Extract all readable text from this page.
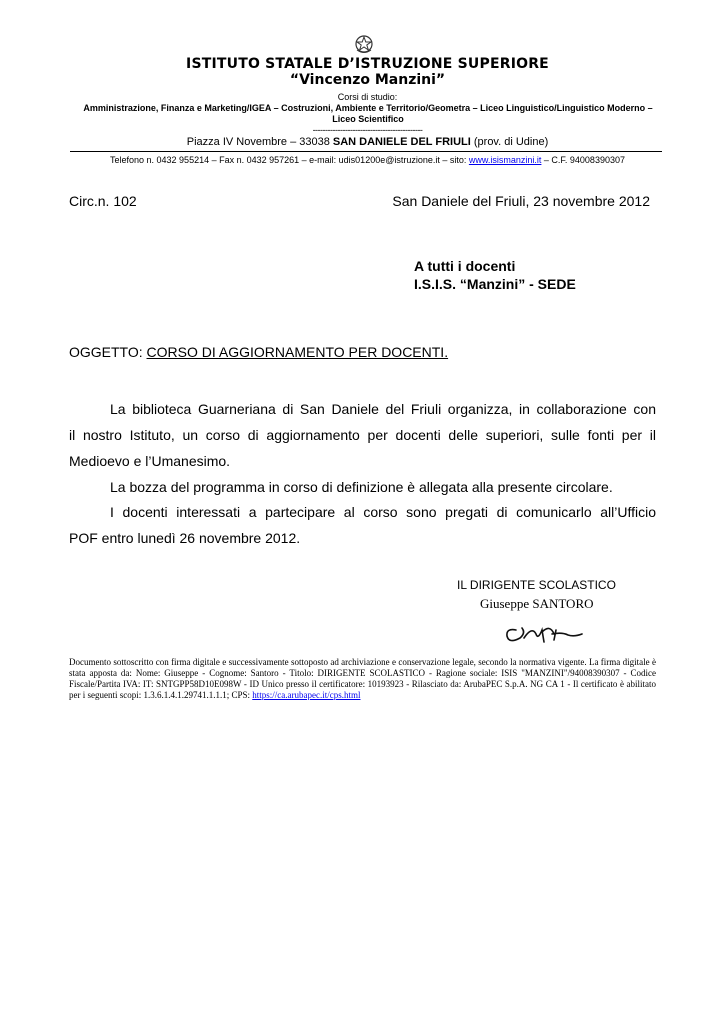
ISTITUTO STATALE D’ISTRUZIONE SUPERIORE
“Vincenzo Manzini”
Corsi di studio:
Amministrazione, Finanza e Marketing/IGEA – Costruzioni, Ambiente e Territorio/Geometra – Liceo Linguistico/Linguistico Moderno – Liceo Scientifico
--------------------------------------------
Piazza IV Novembre – 33038 SAN DANIELE DEL FRIULI (prov. di Udine)
Telefono n. 0432 955214 – Fax n. 0432 957261 – e-mail: udis01200e@istruzione.it – sito: www.isismanzini.it – C.F. 94008390307
Circ.n. 102	San Daniele del Friuli, 23 novembre 2012
A tutti i docenti
I.S.I.S. “Manzini” - SEDE
OGGETTO: CORSO DI AGGIORNAMENTO PER DOCENTI.
La biblioteca Guarneriana di San Daniele del Friuli organizza, in collaborazione con
il nostro Istituto, un corso di aggiornamento per docenti delle superiori, sulle fonti per il
Medioevo e l’Umanesimo.
La bozza del programma in corso di definizione è allegata alla presente circolare.
I docenti interessati a partecipare al corso sono pregati di comunicarlo all’Ufficio
POF entro lunedì 26 novembre 2012.
IL DIRIGENTE SCOLASTICO
Giuseppe SANTORO
Documento sottoscritto con firma digitale e successivamente sottoposto ad archiviazione e conservazione legale, secondo la normativa vigente. La firma digitale è stata apposta da: Nome: Giuseppe - Cognome: Santoro - Titolo: DIRIGENTE SCOLASTICO - Ragione sociale: ISIS "MANZINI"/94008390307 - Codice Fiscale/Partita IVA: IT: SNTGPP58D10E098W - ID Unico presso il certificatore: 10193923 - Rilasciato da: ArubaPEC S.p.A. NG CA 1 - Il certificato è abilitato per i seguenti scopi: 1.3.6.1.4.1.29741.1.1.1; CPS: https://ca.arubapec.it/cps.html
